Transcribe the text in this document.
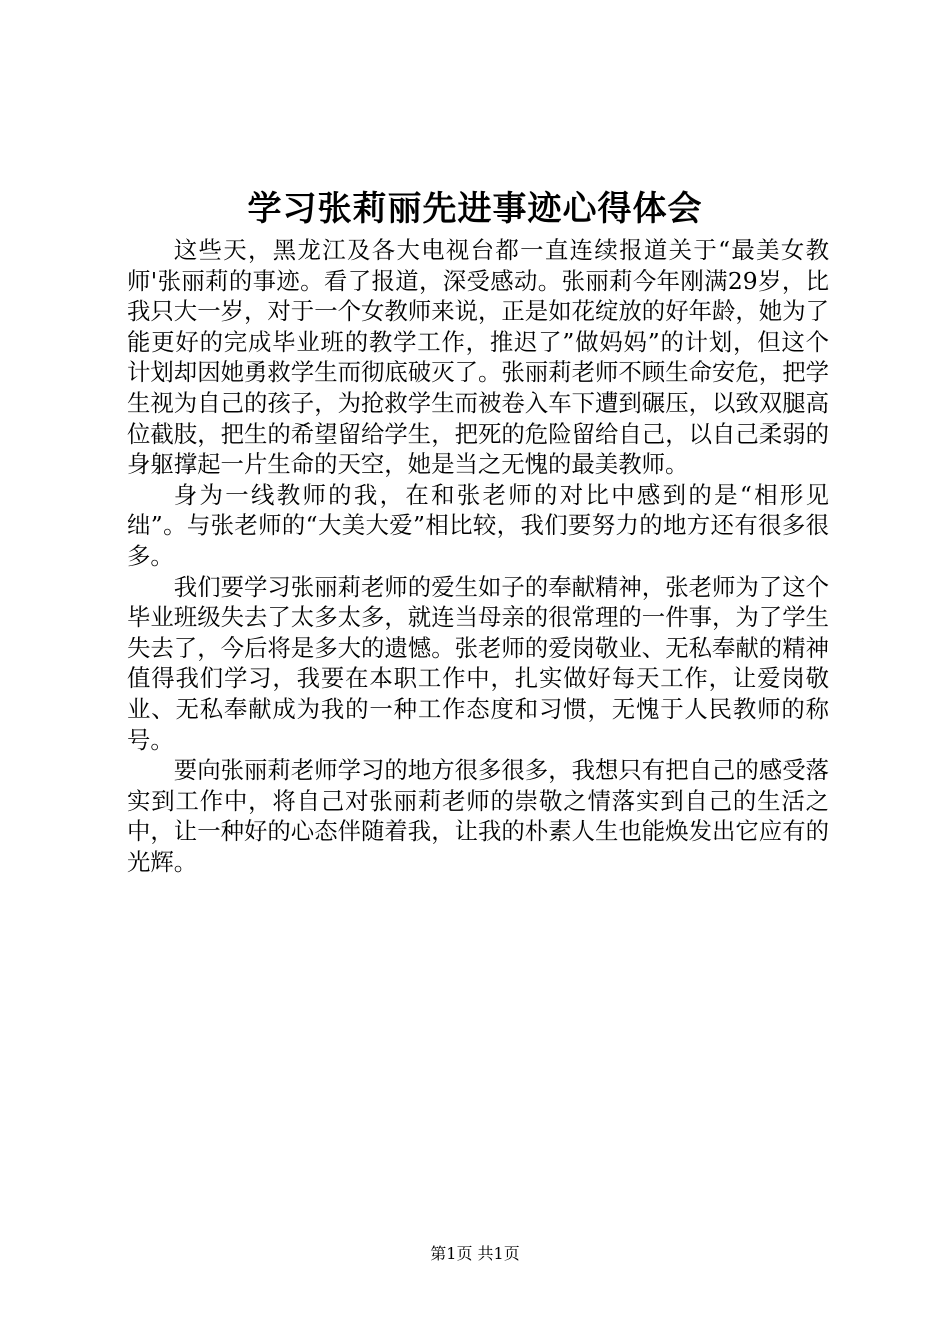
学习张莉丽先进事迹心得体会

这些天，黑龙江及各大电视台都一直连续报道关于“最美女教师'张丽莉的事迹。看了报道，深受感动。张丽莉今年刚满29岁，比我只大一岁，对于一个女教师来说，正是如花绽放的好年龄，她为了能更好的完成毕业班的教学工作，推迟了”做妈妈”的计划，但这个计划却因她勇救学生而彻底破灭了。张丽莉老师不顾生命安危，把学生视为自己的孩子，为抢救学生而被卷入车下遭到碾压，以致双腿高位截肢，把生的希望留给学生，把死的危险留给自己，以自己柔弱的身躯撑起一片生命的天空，她是当之无愧的最美教师。

身为一线教师的我，在和张老师的对比中感到的是“相形见绌”。与张老师的“大美大爱”相比较，我们要努力的地方还有很多很多。

我们要学习张丽莉老师的爱生如子的奉献精神，张老师为了这个毕业班级失去了太多太多，就连当母亲的很常理的一件事，为了学生失去了，今后将是多大的遗憾。张老师的爱岗敬业、无私奉献的精神值得我们学习，我要在本职工作中，扎实做好每天工作，让爱岗敬业、无私奉献成为我的一种工作态度和习惯，无愧于人民教师的称号。

要向张丽莉老师学习的地方很多很多，我想只有把自己的感受落实到工作中，将自己对张丽莉老师的崇敬之情落实到自己的生活之中，让一种好的心态伴随着我，让我的朴素人生也能焕发出它应有的光辉。

第1页 共1页
